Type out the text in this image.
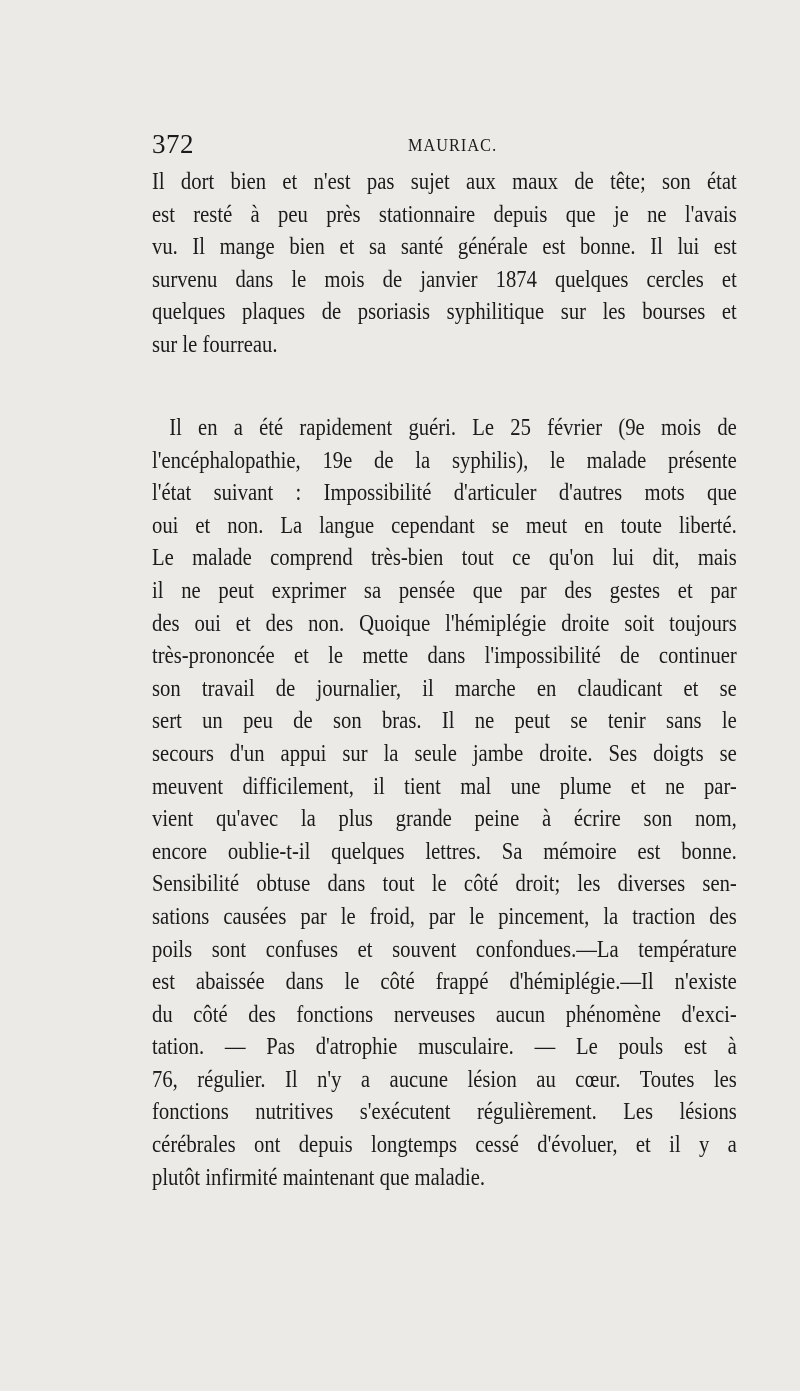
372	MAURIAC.
Il dort bien et n'est pas sujet aux maux de tête; son état
est resté à peu près stationnaire depuis que je ne l'avais
vu. Il mange bien et sa santé générale est bonne. Il lui est
survenu dans le mois de janvier 1874 quelques cercles et
quelques plaques de psoriasis syphilitique sur les bourses et
sur le fourreau.
Il en a été rapidement guéri. Le 25 février (9e mois de
l'encéphalopathie, 19e de la syphilis), le malade présente
l'état suivant : Impossibilité d'articuler d'autres mots que
oui et non. La langue cependant se meut en toute liberté.
Le malade comprend très-bien tout ce qu'on lui dit, mais
il ne peut exprimer sa pensée que par des gestes et par
des oui et des non. Quoique l'hémiplégie droite soit toujours
très-prononcée et le mette dans l'impossibilité de continuer
son travail de journalier, il marche en claudicant et se
sert un peu de son bras. Il ne peut se tenir sans le
secours d'un appui sur la seule jambe droite. Ses doigts se
meuvent difficilement, il tient mal une plume et ne par-
vient qu'avec la plus grande peine à écrire son nom,
encore oublie-t-il quelques lettres. Sa mémoire est bonne.
Sensibilité obtuse dans tout le côté droit; les diverses sen-
sations causées par le froid, par le pincement, la traction des
poils sont confuses et souvent confondues.—La température
est abaissée dans le côté frappé d'hémiplégie.—Il n'existe
du côté des fonctions nerveuses aucun phénomène d'exci-
tation. — Pas d'atrophie musculaire. — Le pouls est à
76, régulier. Il n'y a aucune lésion au cœur. Toutes les
fonctions nutritives s'exécutent régulièrement. Les lésions
cérébrales ont depuis longtemps cessé d'évoluer, et il y a
plutôt infirmité maintenant que maladie.
